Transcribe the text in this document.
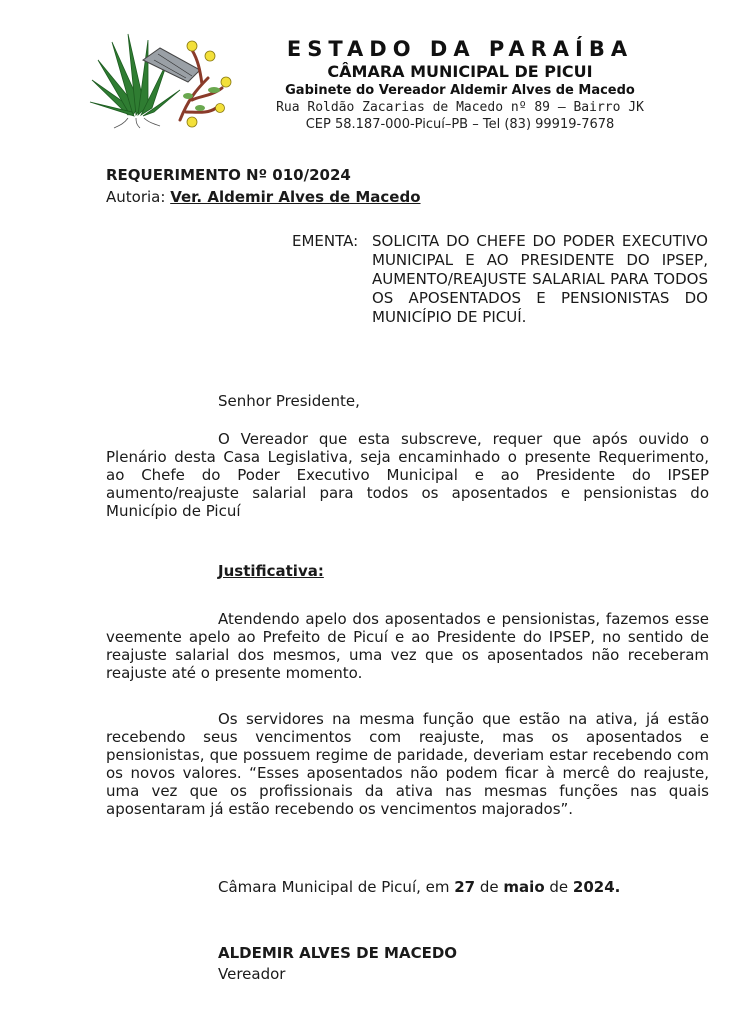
ESTADO DA PARAÍBA
CÂMARA MUNICIPAL DE PICUI
Gabinete do Vereador Aldemir Alves de Macedo
Rua Roldão Zacarias de Macedo nº 89 – Bairro JK
CEP 58.187-000-Picuí–PB – Tel (83) 99919-7678
REQUERIMENTO Nº 010/2024
Autoria: Ver. Aldemir Alves de Macedo
EMENTA: SOLICITA DO CHEFE DO PODER EXECUTIVO MUNICIPAL E AO PRESIDENTE DO IPSEP, AUMENTO/REAJUSTE SALARIAL PARA TODOS OS APOSENTADOS E PENSIONISTAS DO MUNICÍPIO DE PICUÍ.
Senhor Presidente,
O Vereador que esta subscreve, requer que após ouvido o Plenário desta Casa Legislativa, seja encaminhado o presente Requerimento, ao Chefe do Poder Executivo Municipal e ao Presidente do IPSEP aumento/reajuste salarial para todos os aposentados e pensionistas do Município de Picuí
Justificativa:
Atendendo apelo dos aposentados e pensionistas, fazemos esse veemente apelo ao Prefeito de Picuí e ao Presidente do IPSEP, no sentido de reajuste salarial dos mesmos, uma vez que os aposentados não receberam reajuste até o presente momento.
Os servidores na mesma função que estão na ativa, já estão recebendo seus vencimentos com reajuste, mas os aposentados e pensionistas, que possuem regime de paridade, deveriam estar recebendo com os novos valores. “Esses aposentados não podem ficar à mercê do reajuste, uma vez que os profissionais da ativa nas mesmas funções nas quais aposentaram já estão recebendo os vencimentos majorados”.
Câmara Municipal de Picuí, em 27 de maio de 2024.
ALDEMIR ALVES DE MACEDO
Vereador
